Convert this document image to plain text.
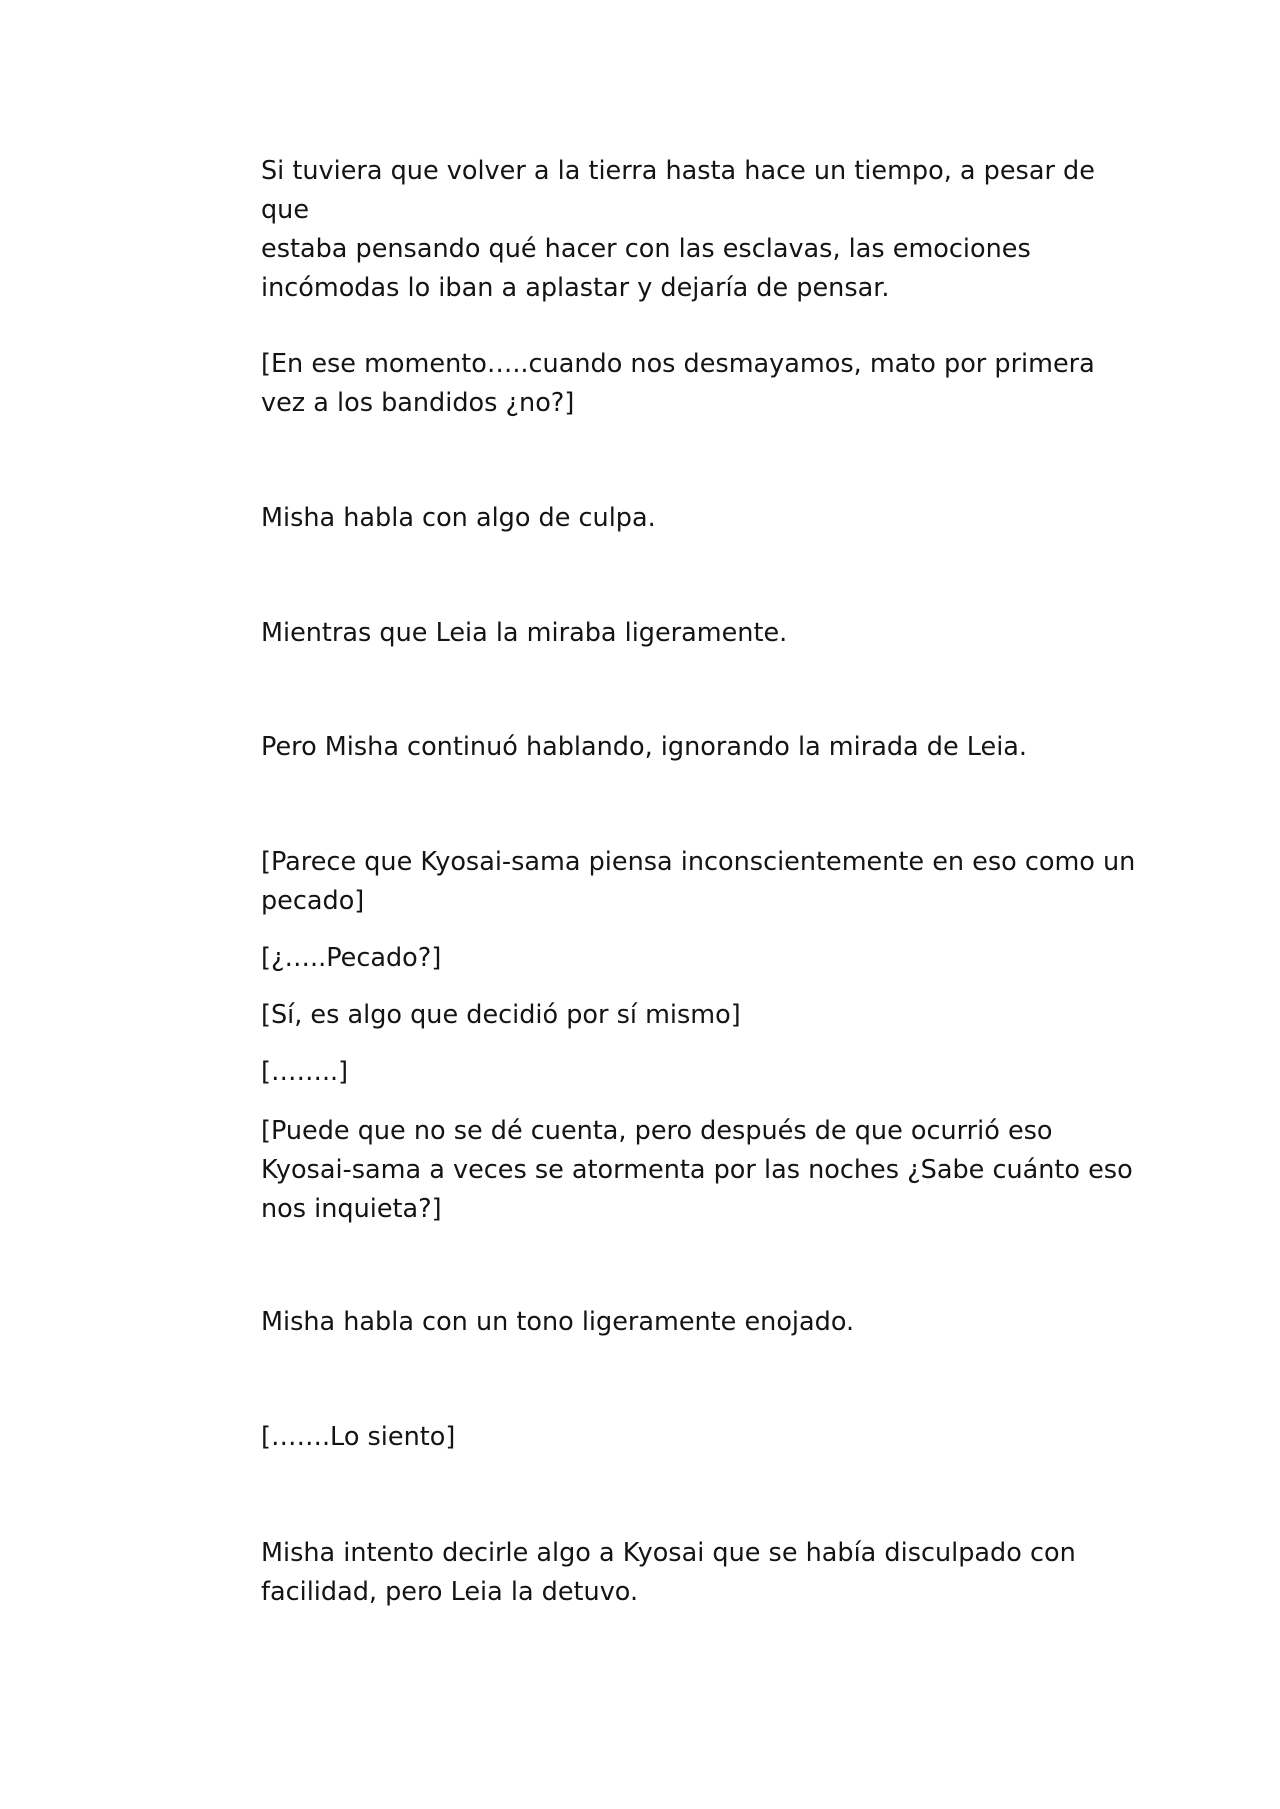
Si tuviera que volver a la tierra hasta hace un tiempo, a pesar de que
estaba pensando qué hacer con las esclavas, las emociones
incómodas lo iban a aplastar y dejaría de pensar.
[En ese momento…..cuando nos desmayamos, mato por primera
vez a los bandidos ¿no?]
Misha habla con algo de culpa.
Mientras que Leia la miraba ligeramente.
Pero Misha continuó hablando, ignorando la mirada de Leia.
[Parece que Kyosai-sama piensa inconscientemente en eso como un
pecado]
[¿…..Pecado?]
[Sí, es algo que decidió por sí mismo]
[……..]
[Puede que no se dé cuenta, pero después de que ocurrió eso
Kyosai-sama a veces se atormenta por las noches ¿Sabe cuánto eso
nos inquieta?]
Misha habla con un tono ligeramente enojado.
[…….Lo siento]
Misha intento decirle algo a Kyosai que se había disculpado con
facilidad, pero Leia la detuvo.
